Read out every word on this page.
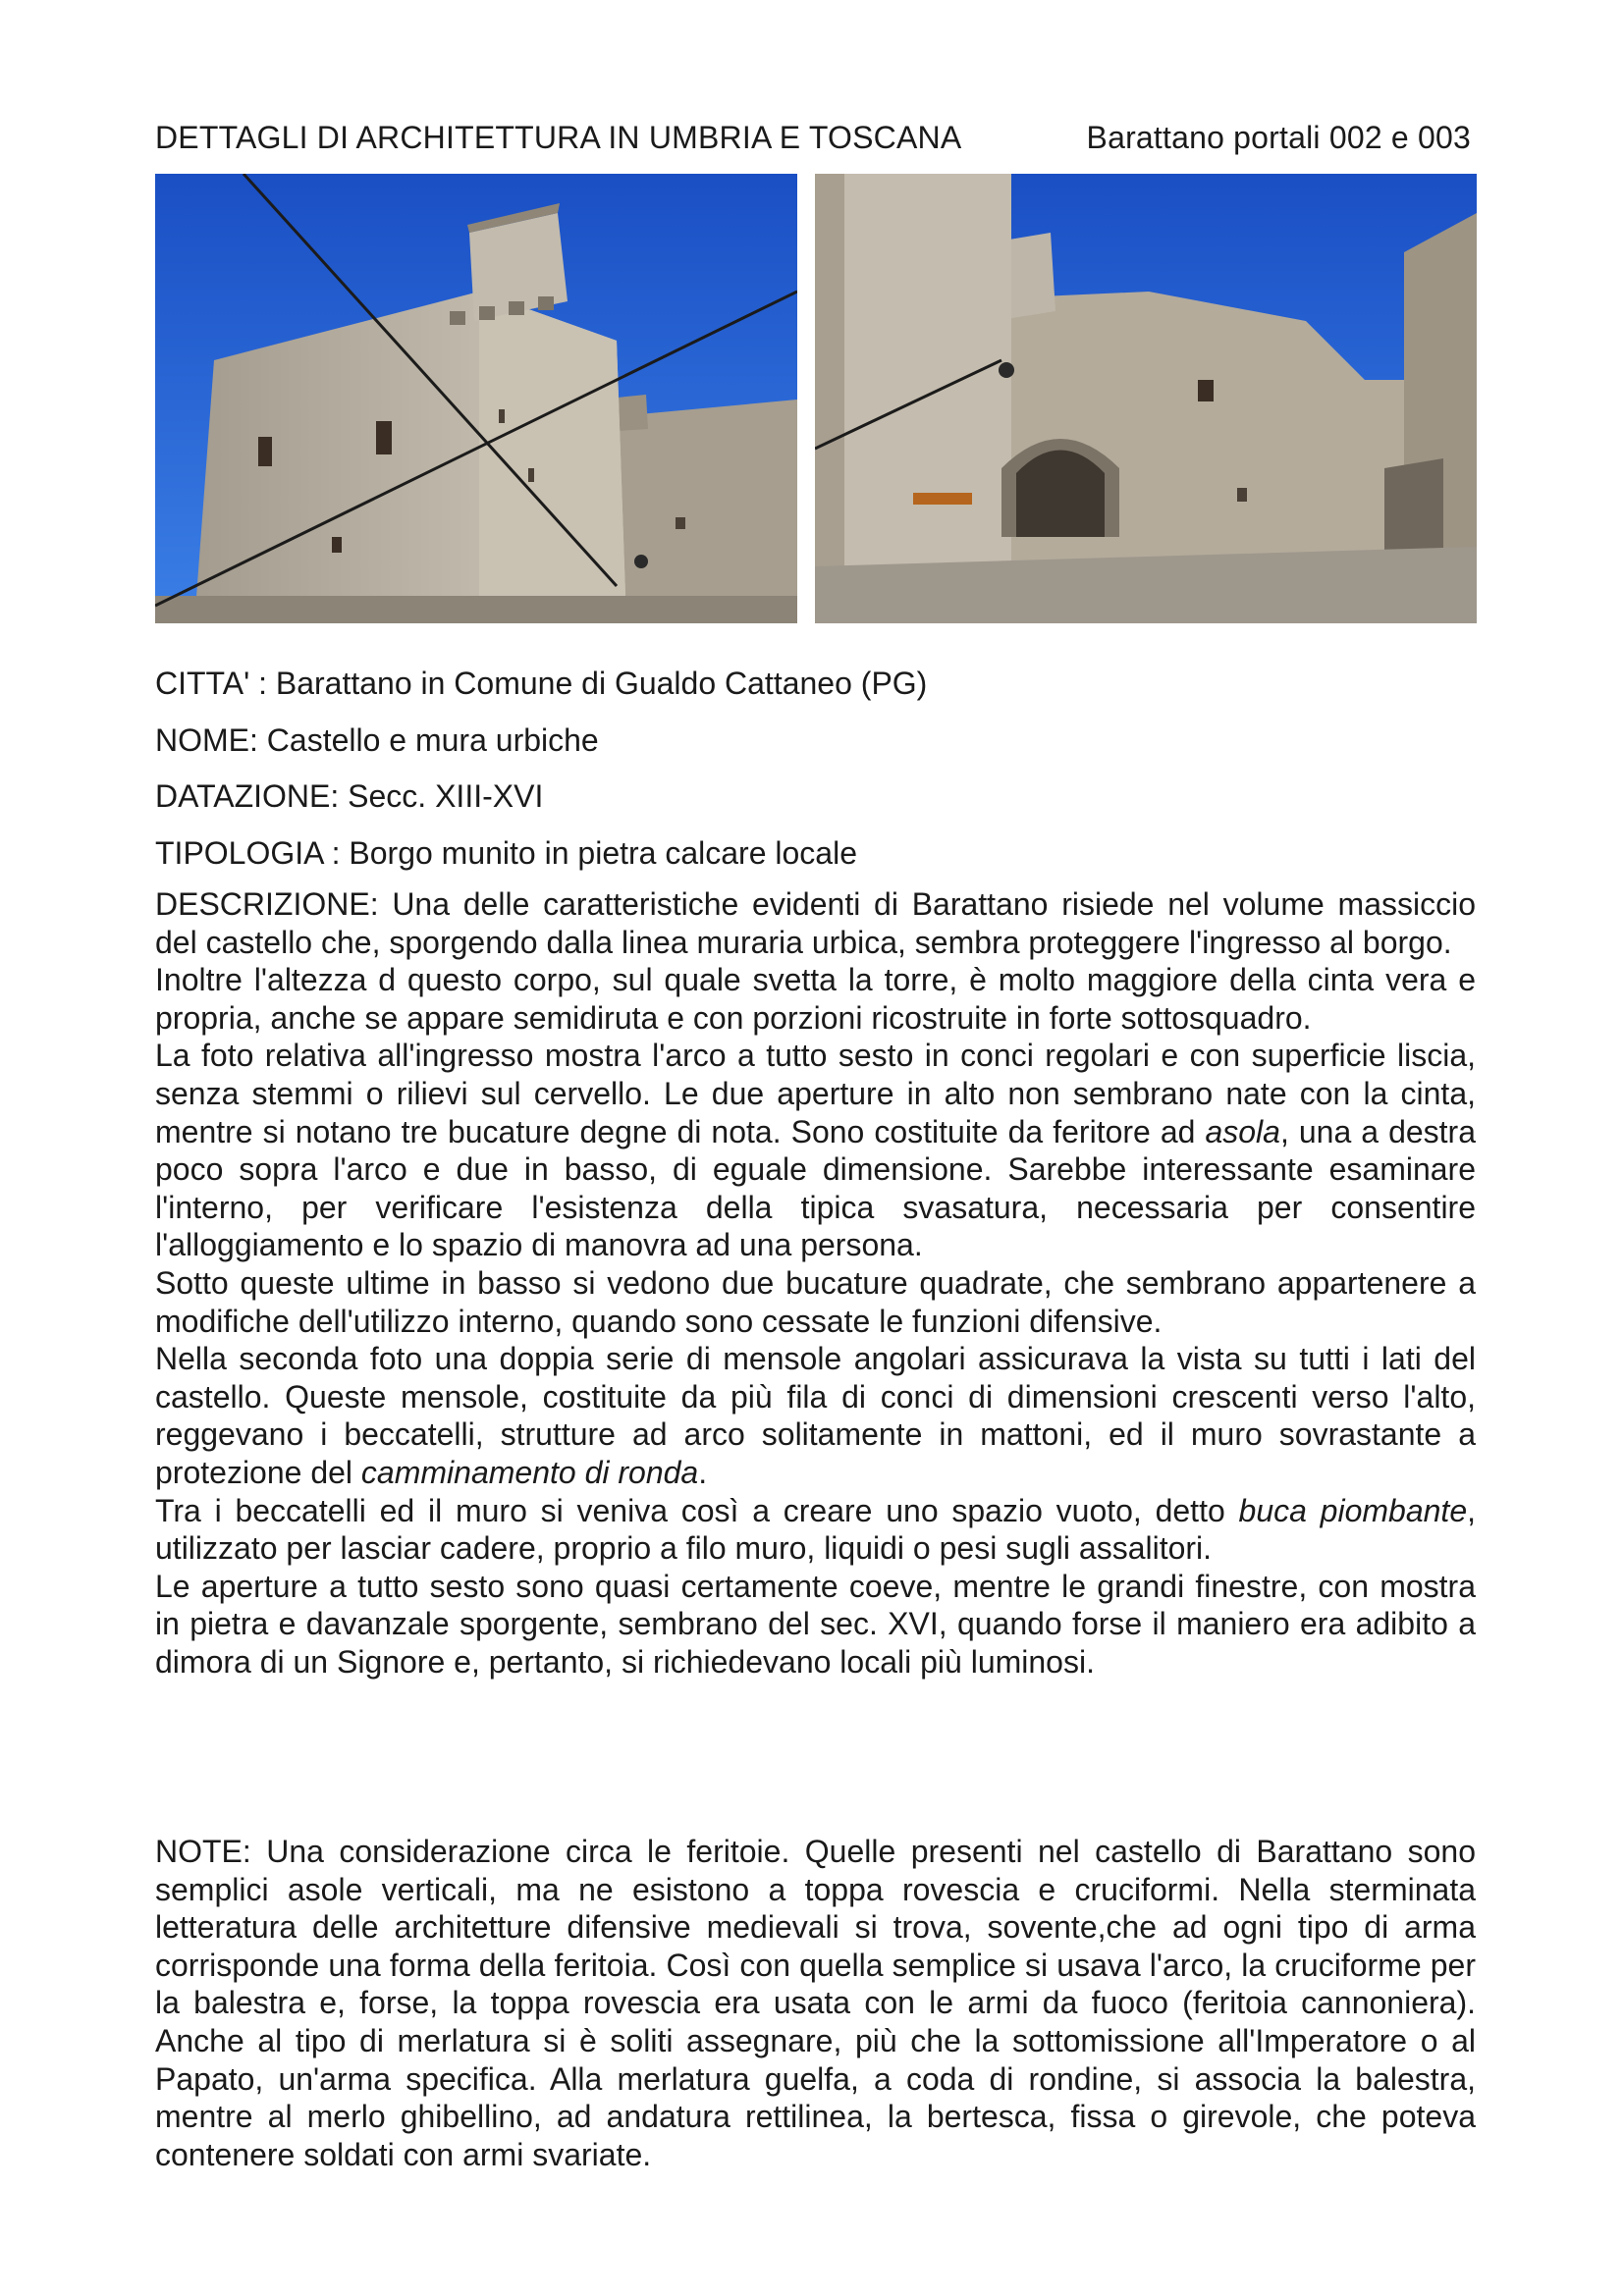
DETTAGLI DI ARCHITETTURA IN UMBRIA E TOSCANA	Barattano portali 002 e 003
CITTA' : Barattano in Comune di Gualdo Cattaneo (PG)
NOME: Castello e mura urbiche
DATAZIONE: Secc. XIII-XVI
TIPOLOGIA : Borgo munito in pietra calcare locale

DESCRIZIONE: Una delle caratteristiche evidenti di Barattano risiede nel volume massiccio del castello che, sporgendo dalla linea muraria urbica, sembra proteggere l'ingresso al borgo.

Inoltre l'altezza d questo corpo, sul quale svetta la torre, è molto maggiore della cinta vera e propria, anche se appare semidiruta e con porzioni ricostruite in forte sottosquadro.

La foto relativa all'ingresso mostra l'arco a tutto sesto in conci regolari e con superficie liscia, senza stemmi o rilievi sul cervello. Le due aperture in alto non sembrano nate con la cinta, mentre si notano tre bucature degne di nota. Sono costituite da feritore ad asola, una a destra poco sopra l'arco e due in basso, di eguale dimensione. Sarebbe interessante esaminare l'interno, per verificare l'esistenza della tipica svasatura, necessaria per consentire l'alloggiamento e lo spazio di manovra ad una persona.

Sotto queste ultime in basso si vedono due bucature quadrate, che sembrano appartenere a modifiche dell'utilizzo interno, quando sono cessate le funzioni difensive.

Nella seconda foto una doppia serie di mensole angolari assicurava la vista su tutti i lati del castello. Queste mensole, costituite da più fila di conci di dimensioni crescenti verso l'alto, reggevano i beccatelli, strutture ad arco solitamente in mattoni, ed il muro sovrastante a protezione del camminamento di ronda.

Tra i beccatelli ed il muro si veniva così a creare uno spazio vuoto, detto buca piombante, utilizzato per lasciar cadere, proprio a filo muro, liquidi o pesi sugli assalitori.

Le aperture a tutto sesto sono quasi certamente coeve, mentre le grandi finestre, con mostra in pietra e davanzale sporgente, sembrano del sec. XVI, quando forse il maniero era adibito a dimora di un Signore e, pertanto, si richiedevano locali più luminosi.

NOTE: Una considerazione circa le feritoie. Quelle presenti nel castello di Barattano sono semplici asole verticali, ma ne esistono a toppa rovescia e cruciformi. Nella sterminata letteratura delle architetture difensive medievali si trova, sovente,che ad ogni tipo di arma corrisponde una forma della feritoia. Così con quella semplice si usava l'arco, la cruciforme per la balestra e, forse, la toppa rovescia era usata con le armi da fuoco (feritoia cannoniera). Anche al tipo di merlatura si è soliti assegnare, più che la sottomissione all'Imperatore o al Papato, un'arma specifica. Alla merlatura guelfa, a coda di rondine, si associa la balestra, mentre al merlo ghibellino, ad andatura rettilinea, la bertesca, fissa o girevole, che poteva contenere soldati con armi svariate.
